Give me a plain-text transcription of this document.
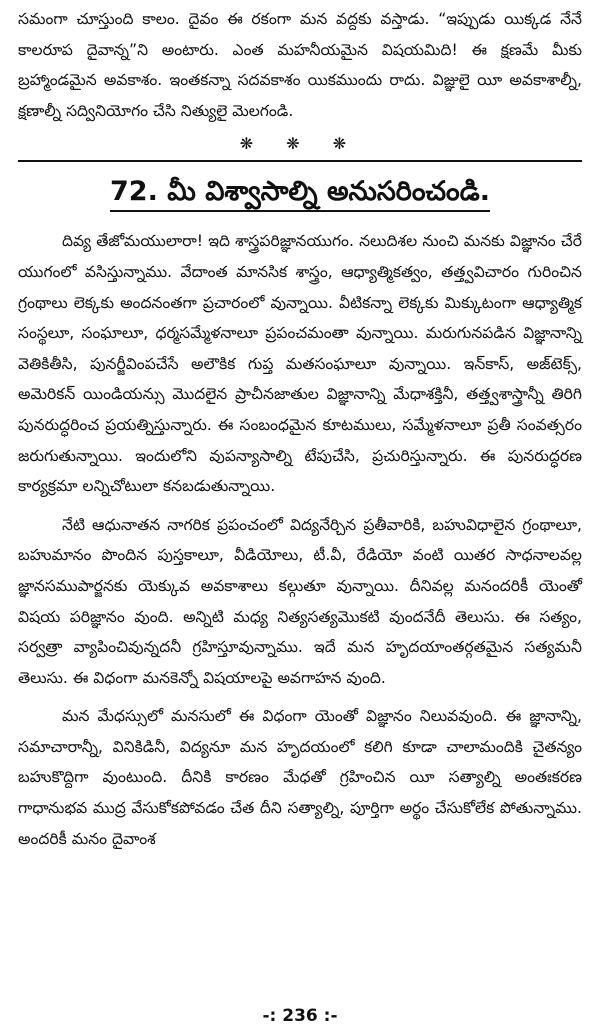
సమంగా చూస్తుంది కాలం. దైవం ఈ రకంగా మన వద్దకు వస్తాడు. “ఇప్పుడు యిక్కడ నేనే కాలరూప దైవాన్న”ని అంటారు. ఎంత మహనీయమైన విషయమిది! ఈ క్షణమే మీకు బ్రహ్మాండమైన అవకాశం. ఇంతకన్నా సదవకాశం యికముందు రాదు. విజ్ఞులై యీ అవకాశాల్నీ, క్షణాల్నీ సద్వినియోగం చేసి నిత్యులై మెలగండి.

❋ ❋ ❋
72. మీ విశ్వాసాల్ని అనుసరించండి.

దివ్య తేజోమయులారా! ఇది శాస్త్రపరిజ్ఞానయుగం. నలుదిశల నుంచి మనకు విజ్ఞానం చేరే యుగంలో వసిస్తున్నాము. వేదాంత మానసిక శాస్త్రం, ఆధ్యాత్మికత్వం, తత్త్వవిచారం గురించిన గ్రంథాలు లెక్కకు అందనంతగా ప్రచారంలో వున్నాయి. వీటికన్నా లెక్కకు మిక్కుటంగా ఆధ్యాత్మిక సంస్థలూ, సంఘాలూ, ధర్మసమ్మేళనాలూ ప్రపంచమంతా వున్నాయి. మరుగునపడిన విజ్ఞానాన్ని వెతికితీసి, పునర్జీవింపచేసే అలౌకిక గుప్త మతసంఘాలూ వున్నాయి. ఇన్‌కాస్, అజ్‌టెక్స్, అమెరికన్ యిండియన్సు మొదలైన ప్రాచీనజాతుల విజ్ఞానాన్ని మేధాశక్తినీ, తత్త్వశాస్త్రాన్నీ తిరిగి పునరుద్ధరించ ప్రయత్నిస్తున్నారు. ఈ సంబంధమైన కూటములు, సమ్మేళనాలూ ప్రతీ సంవత్సరం జరుగుతున్నాయి. ఇందులోని వుపన్యాసాల్ని టేపుచేసి, ప్రచురిస్తున్నారు. ఈ పునరుద్ధరణ కార్యక్రమా లన్నిచోటులా కనబడుతున్నాయి.

నేటి ఆధునాతన నాగరిక ప్రపంచంలో విద్యనేర్చిన ప్రతీవారికి, బహువిధాలైన గ్రంథాలూ, బహుమానం పొందిన పుస్తకాలూ, వీడియోలు, టీ.వీ, రేడియో వంటి యితర సాధనాలవల్ల జ్ఞానసముపార్జనకు యెక్కువ అవకాశాలు కల్గుతూ వున్నాయి. దీనివల్ల మనందరికీ యెంతో విషయ పరిజ్ఞానం వుంది. అన్నిటి మధ్య నిత్యసత్యమొకటి వుందనేదీ తెలుసు. ఈ సత్యం, సర్వత్రా వ్యాపించివున్నదనీ గ్రహిస్తూవున్నాము. ఇదే మన హృదయాంతర్గతమైన సత్యమనీ తెలుసు. ఈ విధంగా మనకెన్నో విషయాలపై అవగాహన వుంది.

మన మేధస్సులో మనసులో ఈ విధంగా యెంతో విజ్ఞానం నిలువవుంది. ఈ జ్ఞానాన్ని, సమాచారాన్నీ, వినికిడినీ, విద్యనూ మన హృదయంలో కలిగి కూడా చాలామందికి చైతన్యం బహుకొద్దిగా వుంటుంది. దీనికి కారణం మేధతో గ్రహించిన యీ సత్యాల్ని అంతఃకరణ గాధానుభవ ముద్ర వేసుకోకపోవడం చేత దీని సత్యాల్ని, పూర్తిగా అర్థం చేసుకోలేక పోతున్నాము. అందరికీ మనం దైవాంశ

-: 236 :-
